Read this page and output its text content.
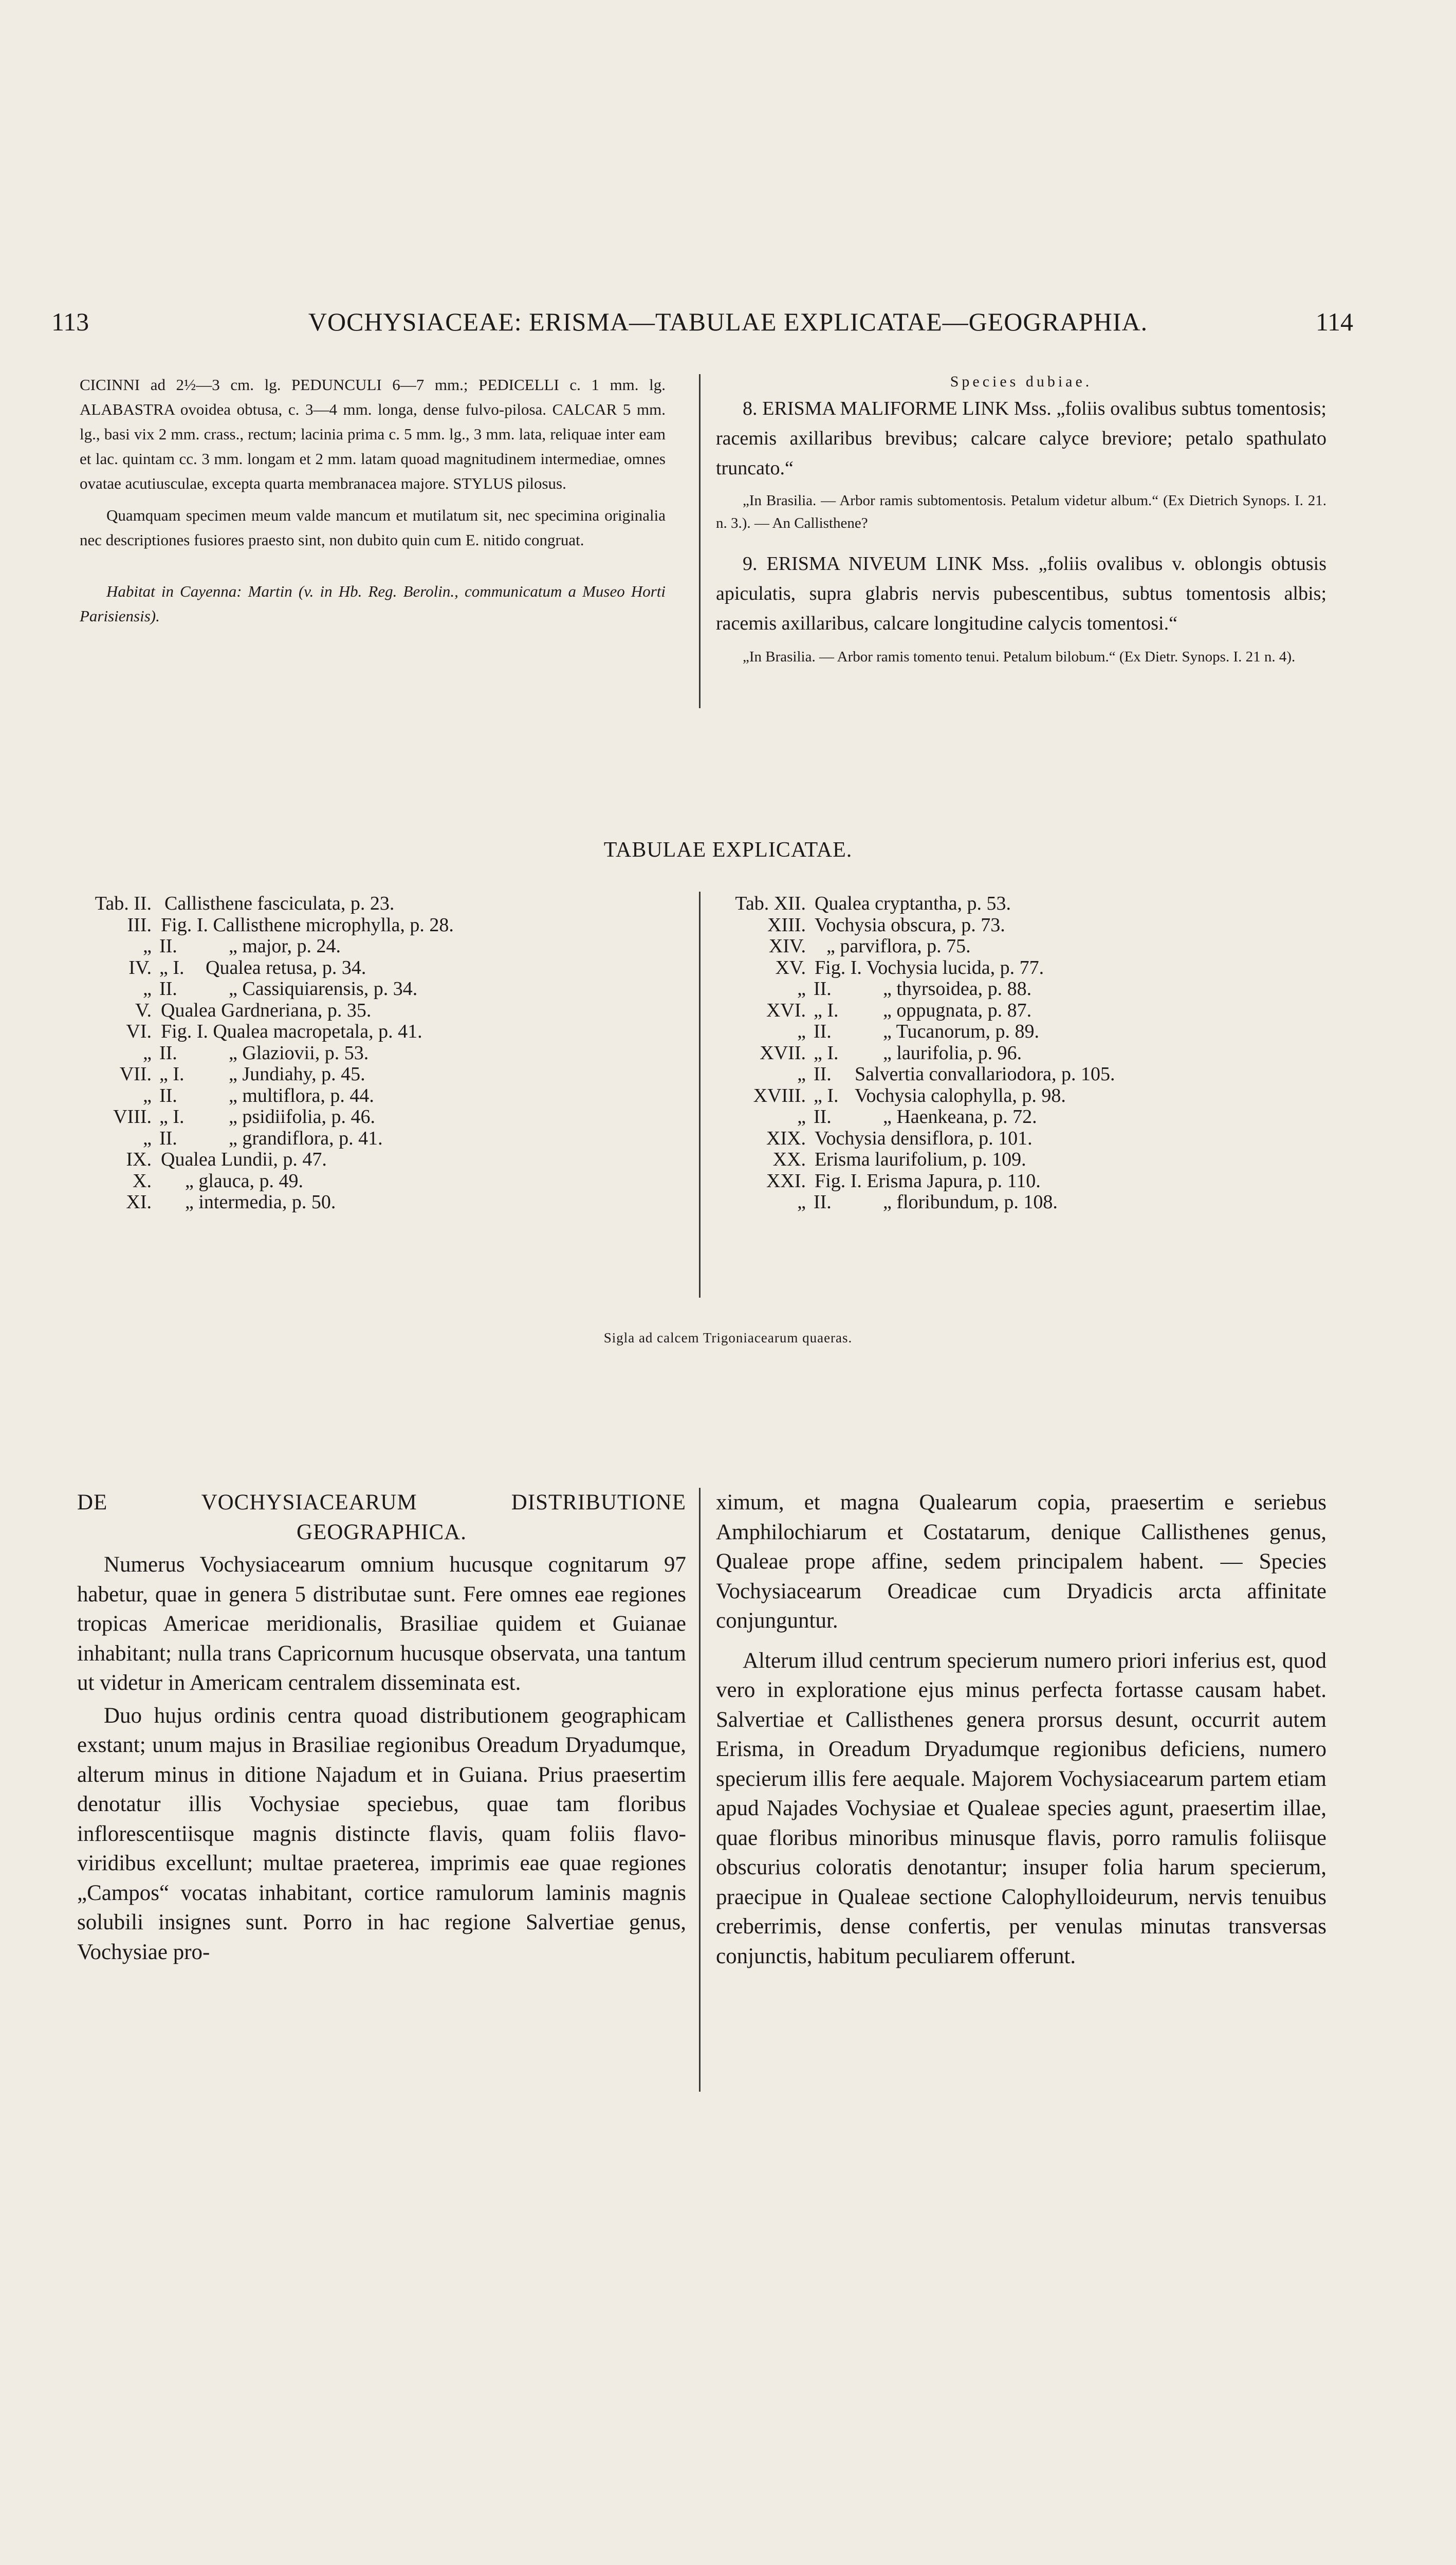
113	VOCHYSIACEAE: ERISMA—TABULAE EXPLICATAE—GEOGRAPHIA.	114

CICINNI ad 2½—3 cm. lg. PEDUNCULI 6—7 mm.; PEDICELLI c. 1 mm. lg. ALABASTRA ovoidea obtusa, c. 3—4 mm. longa, dense fulvo-pilosa. CALCAR 5 mm. lg., basi vix 2 mm. crass., rectum; lacinia prima c. 5 mm. lg., 3 mm. lata, reliquae inter eam et lac. quintam cc. 3 mm. longam et 2 mm. latam quoad magnitudinem intermediae, omnes ovatae acutiusculae, excepta quarta membranacea majore. STYLUS pilosus.

Quamquam specimen meum valde mancum et mutilatum sit, nec specimina originalia nec descriptiones fusiores praesto sint, non dubito quin cum E. nitido congruat.

Habitat in Cayenna: Martin (v. in Hb. Reg. Berolin., communicatum a Museo Horti Parisiensis).

Species dubiae.

8. ERISMA MALIFORME LINK Mss. „foliis ovalibus subtus tomentosis; racemis axillaribus brevibus; calcare calyce breviore; petalo spathulato truncato.“

„In Brasilia. — Arbor ramis subtomentosis. Petalum videtur album.“ (Ex Dietrich Synops. I. 21. n. 3.). — An Callisthene?

9. ERISMA NIVEUM LINK Mss. „foliis ovalibus v. oblongis obtusis apiculatis, supra glabris nervis pubescentibus, subtus tomentosis albis; racemis axillaribus, calcare longitudine calycis tomentosi.“

„In Brasilia. — Arbor ramis tomento tenui. Petalum bilobum.“ (Ex Dietr. Synops. I. 21 n. 4).

TABULAE EXPLICATAE.
Tab. II. Callisthene fasciculata, p. 23.
III. Fig. I. Callisthene microphylla, p. 28.
„ II.	„ major, p. 24.
IV. „ I. Qualea retusa, p. 34.
„ II.	„ Cassiquiarensis, p. 34.
V. Qualea Gardneriana, p. 35.
VI. Fig. I. Qualea macropetala, p. 41.
„ II.	„ Glaziovii, p. 53.
VII. „ I. „ Jundiahy, p. 45.
„ II.	„ multiflora, p. 44.
VIII. „ I. „ psidiifolia, p. 46.
„ II.	„ grandiflora, p. 41.
IX. Qualea Lundii, p. 47.
X. „ glauca, p. 49.
XI. „ intermedia, p. 50.
Tab. XII. Qualea cryptantha, p. 53.
XIII. Vochysia obscura, p. 73.
XIV. „ parviflora, p. 75.
XV. Fig. I. Vochysia lucida, p. 77.
„ II.	„ thyrsoidea, p. 88.
XVI. „ I. „ oppugnata, p. 87.
„ II.	„ Tucanorum, p. 89.
XVII. „ I. „ laurifolia, p. 96.
„ II. Salvertia convallariodora, p. 105.
XVIII. „ I. Vochysia calophylla, p. 98.
„ II.	„ Haenkeana, p. 72.
XIX. Vochysia densiflora, p. 101.
XX. Erisma laurifolium, p. 109.
XXI. Fig. I. Erisma Japura, p. 110.
„ II.	„ floribundum, p. 108.
Sigla ad calcem Trigoniacearum quaeras.

DE VOCHYSIACEARUM DISTRIBUTIONE GEOGRAPHICA.

Numerus Vochysiacearum omnium hucusque cognitarum 97 habetur, quae in genera 5 distributae sunt. Fere omnes eae regiones tropicas Americae meridionalis, Brasiliae quidem et Guianae inhabitant; nulla trans Capricornum hucusque observata, una tantum ut videtur in Americam centralem disseminata est.

Duo hujus ordinis centra quoad distributionem geographicam exstant; unum majus in Brasiliae regionibus Oreadum Dryadumque, alterum minus in ditione Najadum et in Guiana. Prius praesertim denotatur illis Vochysiae speciebus, quae tam floribus inflorescentiisque magnis distincte flavis, quam foliis flavo-viridibus excellunt; multae praeterea, imprimis eae quae regiones „Campos“ vocatas inhabitant, cortice ramulorum laminis magnis solubili insignes sunt. Porro in hac regione Salvertiae genus, Vochysiae pro-

ximum, et magna Qualearum copia, praesertim e seriebus Amphilochiarum et Costatarum, denique Callisthenes genus, Qualeae prope affine, sedem principalem habent. — Species Vochysiacearum Oreadicae cum Dryadicis arcta affinitate conjunguntur.

Alterum illud centrum specierum numero priori inferius est, quod vero in exploratione ejus minus perfecta fortasse causam habet. Salvertiae et Callisthenes genera prorsus desunt, occurrit autem Erisma, in Oreadum Dryadumque regionibus deficiens, numero specierum illis fere aequale. Majorem Vochysiacearum partem etiam apud Najades Vochysiae et Qualeae species agunt, praesertim illae, quae floribus minoribus minusque flavis, porro ramulis foliisque obscurius coloratis denotantur; insuper folia harum specierum, praecipue in Qualeae sectione Calophylloideurum, nervis tenuibus creberrimis, dense confertis, per venulas minutas transversas conjunctis, habitum peculiarem offerunt.
